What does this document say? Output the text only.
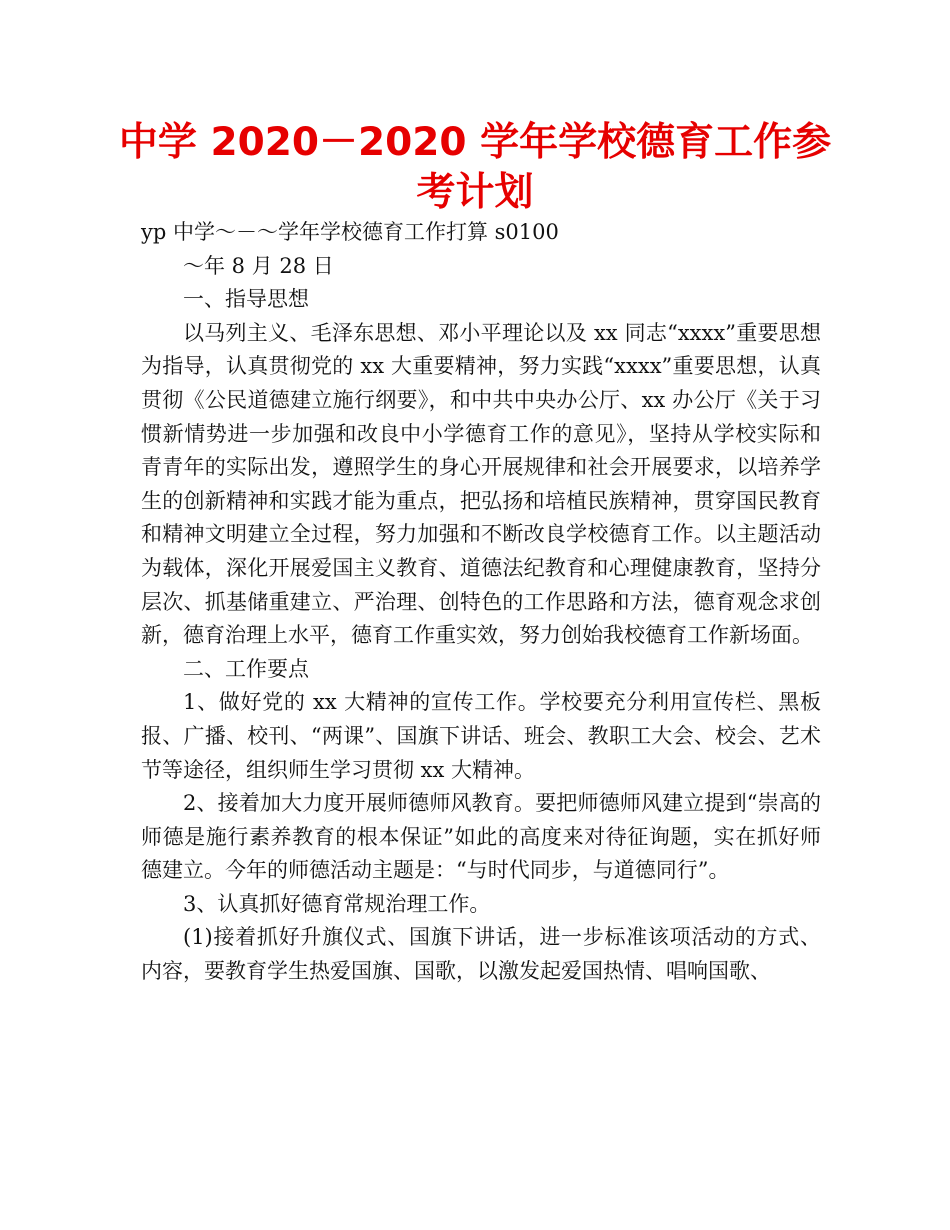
中学 2020－2020 学年学校德育工作参考计划

yp 中学～－～学年学校德育工作打算 s0100

～年 8 月 28 日

一、指导思想

以马列主义、毛泽东思想、邓小平理论以及 xx 同志“xxxx”重要思想为指导，认真贯彻党的 xx 大重要精神，努力实践“xxxx”重要思想，认真贯彻《公民道德建立施行纲要》，和中共中央办公厅、xx 办公厅《关于习惯新情势进一步加强和改良中小学德育工作的意见》，坚持从学校实际和青青年的实际出发，遵照学生的身心开展规律和社会开展要求，以培养学生的创新精神和实践才能为重点，把弘扬和培植民族精神，贯穿国民教育和精神文明建立全过程，努力加强和不断改良学校德育工作。以主题活动为载体，深化开展爱国主义教育、道德法纪教育和心理健康教育，坚持分层次、抓基储重建立、严治理、创特色的工作思路和方法，德育观念求创新，德育治理上水平，德育工作重实效，努力创始我校德育工作新场面。

二、工作要点

1、做好党的 xx 大精神的宣传工作。学校要充分利用宣传栏、黑板报、广播、校刊、“两课”、国旗下讲话、班会、教职工大会、校会、艺术节等途径，组织师生学习贯彻 xx 大精神。

2、接着加大力度开展师德师风教育。要把师德师风建立提到“崇高的师德是施行素养教育的根本保证”如此的高度来对待征询题，实在抓好师德建立。今年的师德活动主题是：“与时代同步，与道德同行”。

3、认真抓好德育常规治理工作。

(1)接着抓好升旗仪式、国旗下讲话，进一步标准该项活动的方式、内容，要教育学生热爱国旗、国歌，以激发起爱国热情、唱响国歌、
